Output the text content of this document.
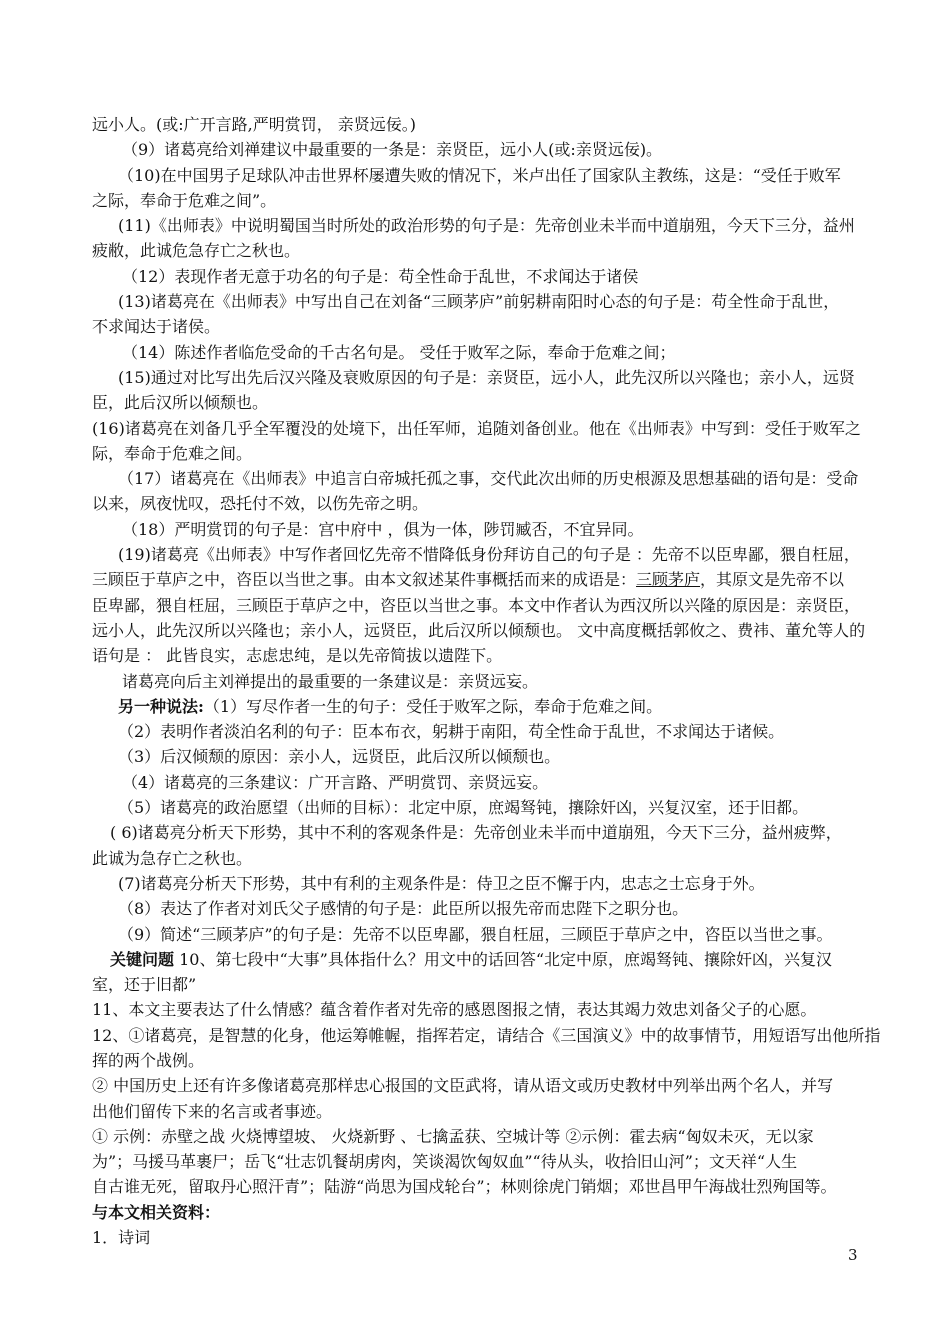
远小人。(或:广开言路,严明赏罚， 亲贤远佞。)

（9）诸葛亮给刘禅建议中最重要的一条是：亲贤臣，远小人(或:亲贤远佞)。

（10)在中国男子足球队冲击世界杯屡遭失败的情况下，米卢出任了国家队主教练，这是：“受任于败军

之际，奉命于危难之间”。

(11)《出师表》中说明蜀国当时所处的政治形势的句子是：先帝创业未半而中道崩殂，今天下三分，益州

疲敝，此诚危急存亡之秋也。

（12）表现作者无意于功名的句子是：苟全性命于乱世，不求闻达于诸侯

(13)诸葛亮在《出师表》中写出自己在刘备“三顾茅庐”前躬耕南阳时心态的句子是：苟全性命于乱世，

不求闻达于诸侯。

（14）陈述作者临危受命的千古名句是。 受任于败军之际，奉命于危难之间；

(15)通过对比写出先后汉兴隆及衰败原因的句子是：亲贤臣，远小人，此先汉所以兴隆也；亲小人，远贤

臣，此后汉所以倾颓也。

(16)诸葛亮在刘备几乎全军覆没的处境下，出任军师，追随刘备创业。他在《出师表》中写到：受任于败军之

际，奉命于危难之间。

（17）诸葛亮在《出师表》中追言白帝城托孤之事，交代此次出师的历史根源及思想基础的语句是：受命

以来，夙夜忧叹，恐托付不效，以伤先帝之明。

（18）严明赏罚的句子是：宫中府中 ，俱为一体，陟罚臧否，不宜异同。

(19)诸葛亮《出师表》中写作者回忆先帝不惜降低身份拜访自己的句子是 ：先帝不以臣卑鄙，猥自枉屈，

三顾臣于草庐之中，咨臣以当世之事。由本文叙述某件事概括而来的成语是：三顾茅庐，其原文是先帝不以

臣卑鄙，猥自枉屈，三顾臣于草庐之中，咨臣以当世之事。本文中作者认为西汉所以兴隆的原因是：亲贤臣，

远小人，此先汉所以兴隆也；亲小人，远贤臣，此后汉所以倾颓也。 文中高度概括郭攸之、费祎、董允等人的

语句是 ： 此皆良实，志虑忠纯，是以先帝简拔以遗陛下。

诸葛亮向后主刘禅提出的最重要的一条建议是：亲贤远妄。

另一种说法:（1）写尽作者一生的句子：受任于败军之际，奉命于危难之间。

（2）表明作者淡泊名利的句子：臣本布衣，躬耕于南阳，苟全性命于乱世，不求闻达于诸候。

（3）后汉倾颓的原因：亲小人，远贤臣，此后汉所以倾颓也。

（4）诸葛亮的三条建议：广开言路、严明赏罚、亲贤远妄。

（5）诸葛亮的政治愿望（出师的目标）：北定中原，庶竭驽钝，攘除奸凶，兴复汉室，还于旧都。

( 6)诸葛亮分析天下形势，其中不利的客观条件是：先帝创业未半而中道崩殂，今天下三分，益州疲弊，

此诚为急存亡之秋也。

(7)诸葛亮分析天下形势，其中有利的主观条件是：侍卫之臣不懈于内，忠志之士忘身于外。

（8）表达了作者对刘氏父子感情的句子是：此臣所以报先帝而忠陛下之职分也。

（9）简述“三顾茅庐”的句子是：先帝不以臣卑鄙，猥自枉屈，三顾臣于草庐之中，咨臣以当世之事。

关键问题 10、第七段中“大事”具体指什么？用文中的话回答“北定中原，庶竭驽钝、攘除奸凶，兴复汉

室，还于旧都”

11、本文主要表达了什么情感？蕴含着作者对先帝的感恩图报之情，表达其竭力效忠刘备父子的心愿。

12、①诸葛亮，是智慧的化身，他运筹帷幄，指挥若定，请结合《三国演义》中的故事情节，用短语写出他所指

挥的两个战例。

② 中国历史上还有许多像诸葛亮那样忠心报国的文臣武将，请从语文或历史教材中列举出两个名人，并写

出他们留传下来的名言或者事迹。

① 示例：赤壁之战 火烧博望坡、 火烧新野 、七擒孟获、空城计等 ②示例：霍去病“匈奴未灭，无以家

为”；马援马革裹尸；岳飞“壮志饥餐胡虏肉，笑谈渴饮匈奴血”“待从头，收拾旧山河”；文天祥“人生

自古谁无死，留取丹心照汗青”；陆游“尚思为国戍轮台”；林则徐虎门销烟；邓世昌甲午海战壮烈殉国等。

与本文相关资料：

1．诗词

3
